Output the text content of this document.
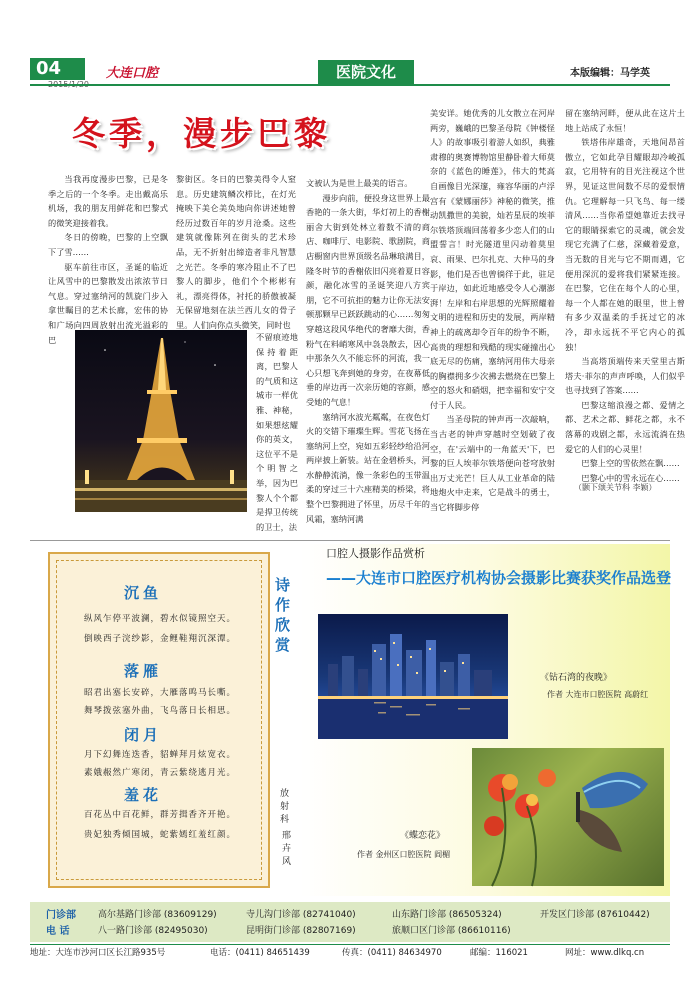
04	大连口腔	医院文化	本版编辑：马学英
冬季，漫步巴黎

当我再度漫步巴黎，已是冬季之后的一个冬季。走出戴高乐机场，我的朋友用鲜花和巴黎式的微笑迎接着我。

冬日的傍晚，巴黎的上空飘下了雪……

驱车前往市区，圣诞的临近让风雪中的巴黎散发出浓浓节日气息。穿过塞纳河的凯旋门步入拿世瞩目的艺术长廊，宏伟的协和广场向四周放射出流光溢彩的巴

黎街区。冬日的巴黎美得令人窒息。历史建筑鳞次栉比，在灯光掩映下美仑美奂地向你讲述她曾经历过数百年的岁月沧桑。这些建筑就像陈列在街头的艺术珍品，无不折射出缔造者非凡智慧之光芒。冬季的寒冷阻止不了巴黎人的脚步，他们个个彬彬有礼，漂亮得体，衬托的骄傲被凝无保留地刻在法兰西儿女的骨子里。人们向你点头微笑，同时也

不留痕迹地保持着距离，巴黎人的气质和这城市一样优雅、神秘，如果想炫耀你的英文，这位平不是个明智之举，因为巴黎人个个都是捍卫传统的卫士，法

文被认为是世上最美的语言。

漫步向前，便投身这世界上最香艳的一条大街，华灯初上的香榭丽舍大街到处林立着数不清的商店、咖啡厅、电影院、歌剧院，商店橱窗内世界顶级名品琳琅满目，隆冬时节的香榭依旧闪亮着夏日容颜，融化冰雪的圣诞笑迎八方宾朋，它不可抗拒的魅力让你无法安顿那颗早已跃跃跳动的心……匆匆穿越这段风华绝代的奢靡大街，香粉气在料峭寒风中袅袅散去，因心中那条久久不能忘怀的河流，我一心只想飞奔到她的身旁，在夜幕低垂的岸边再一次亲历她的容颜，感受她的气息！

塞纳河水波光粼粼，在夜色灯火的交错下璀璨生辉。雪花飞扬在塞纳河上空，宛如五彩轻纱给沿河两岸披上新装。站在金碧桥头，河水静静流淌，像一条彩色的玉带温柔的穿过三十六座精美的桥梁，将整个巴黎拥进了怀里，历尽千年的风霜，塞纳河满

美安详。她优秀的儿女散立在河岸两旁，巍峨的巴黎圣母院《钟楼怪人》的故事吸引着游人如织，典雅肃穆的奥赛博物馆里静卧着大师莫奈的《蓝色的睡莲》，伟大的梵高自画像目光深邃，雍容华丽的卢浮宫有《蒙娜丽莎》神秘的微笑，推动凯撒世的美貌，灿若星辰的埃菲尔铁塔顶端回荡着多少恋人们的山盟誓言！时光隧道里闪动着莫里哀、雨果、巴尔扎克、大仲马的身影，他们是否也曾徜徉于此，驻足于岸边，如此近地感受令人心潮澎湃！左岸和右岸思想的光辉照耀着文明的进程和历史的发展，两岸精神上的疏离却令百年的纷争不断，高贵的理想和残酷的现实碰撞出心底无尽的伤痛，塞纳河用伟大母亲的胸襟拥多少次拂去燃烧在巴黎上空的怒火和硝烟，把幸福和安宁交付于人民。

当圣母院的钟声再一次敲响，当古老的钟声穿越时空划破了夜空，在'云端中的一角蓝天'下，巴黎的巨人埃菲尔铁塔便向苍穹放射出万丈光芒！巨人从工业革命的陆地炮火中走来，它是战斗的勇士，当它将脚步停

留在塞纳河畔，便从此在这片土地上站成了永恒！

铁塔伟岸雄奇，天地间昂首傲立，它如此孕目耀眼却冷峻孤寂，它用特有的目光注视这个世界，见证这世间数不尽的爱恨情仇。它理解每一只飞鸟、每一缕清风……当你希望她靠近去找寻它的眼睛探索它的灵魂，就会发现它充满了仁慈，深藏着爱意，当无数的目光与它不期而遇，它便用深沉的爱将我们紧紧连接。在巴黎，它住在每个人的心里，每一个人都在她的眼里，世上曾有多少双温柔的手抚过它的冰冷，却永远抚不平它内心的孤独！

当高塔顶端传来天堂里古斯塔夫·菲尔的声声呼唤，人们似乎也寻找到了答案……

巴黎这缩浪漫之都、爱情之都、艺术之都、鲜花之都，永不落幕的戏剧之都，永远流淌在热爱它的人们的心灵里！

巴黎上空的雪依然在飘……

巴黎心中的雪永远在心……

（颢下颂关节科 李颖）
沉鱼
纵风乍停平波澜，碧水似镜照空天。
倒映西子浣纱影，金鲤鞋翔沉深潭。
落雁
昭君出塞长安碎，大雁落鸣马长嘶。
舞琴拨弦塞外曲，飞鸟落日长相思。
闭月
月下幻舞连迭香，貂蝉拜月炫宽衣。
素娥赧然广寒闭，青云紫绕逃月光。
羞花
百花丛中百花鲜，群芳揖香齐开艳。
贵妃独秀倾国城，蛇紫嫣红羞红颜。
诗作欣赏
放射科
邢卉风
口腔人摄影作品赏析
——大连市口腔医疗机构协会摄影比赛获奖作品选登
《钻石湾的夜晚》
作者 大连市口腔医院 高蔚红
《蝶恋花》
作者 金州区口腔医院 阎楣
门诊部
电 话
高尔基路门诊部 (83609129)	寺儿沟门诊部 (82741040)	山东路门诊部 (86505324)	开发区门诊部 (87610442)
八一路门诊部 (82495030)	昆明街门诊部 (82807169)	旅顺口区门诊部 (86610116)
地址：大连市沙河口区长江路935号	电话：(0411) 84651439	传真：(0411) 84634970	邮编：116021	网址：www.dlkq.cn
